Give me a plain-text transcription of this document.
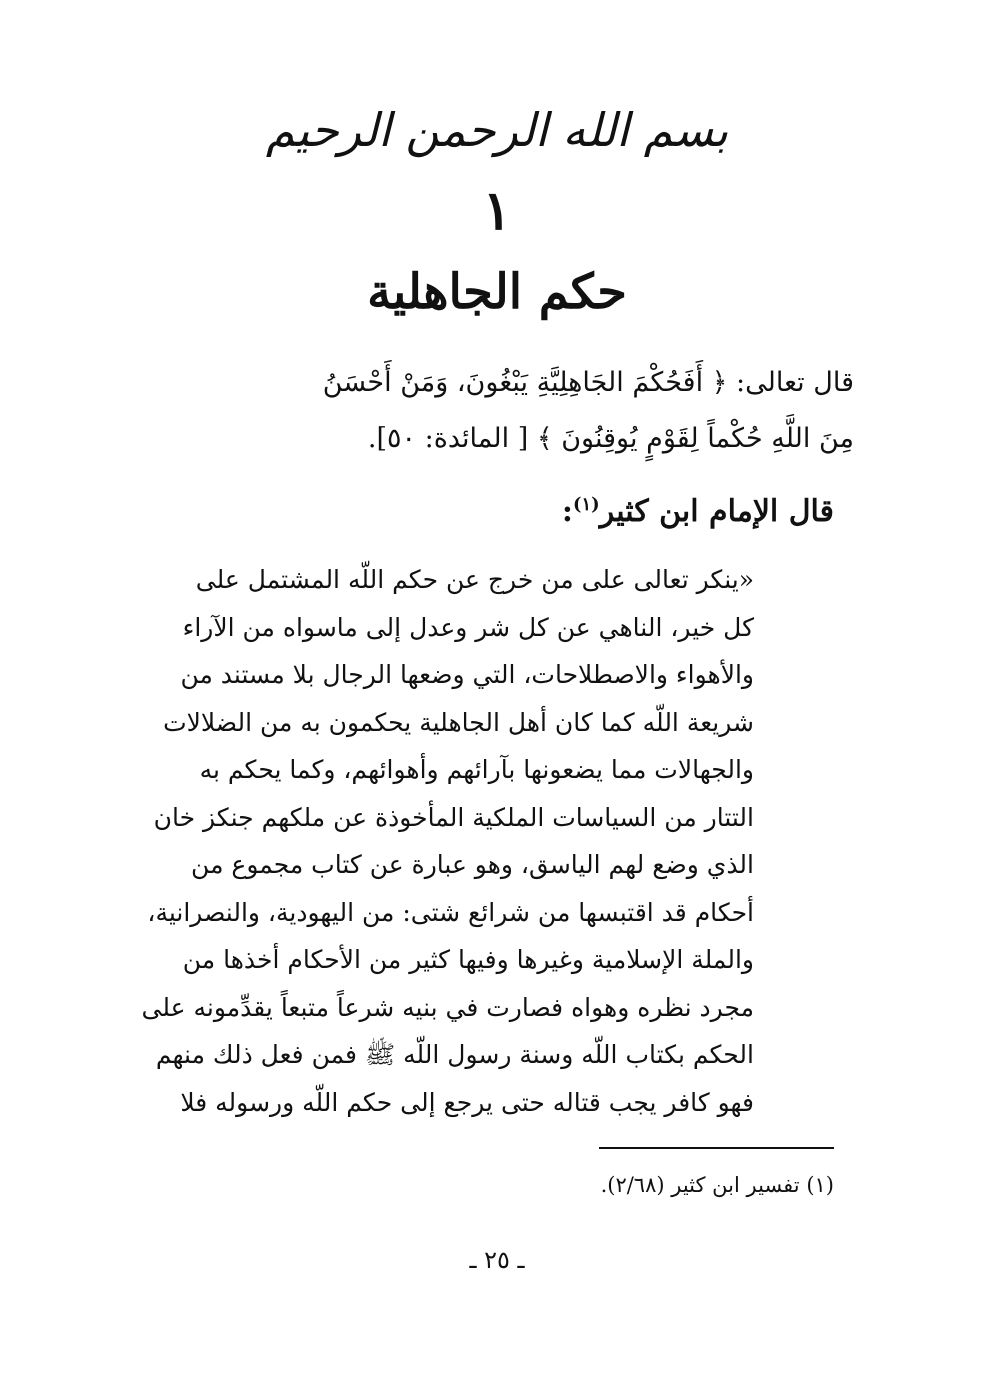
بسم الله الرحمن الرحيم
١
حكم الجاهلية
قال تعالى: ﴿ أَفَحُكْمَ الجَاهِلِيَّةِ يَبْغُونَ، وَمَنْ أَحْسَنُ
مِنَ اللَّهِ حُكْماً لِقَوْمٍ يُوقِنُونَ ﴾ [ المائدة: ٥٠].
قال الإمام ابن كثير$^{(١)}$:
«ينكر تعالى على من خرج عن حكم اللّه المشتمل على
كل خير، الناهي عن كل شر وعدل إلى ماسواه من الآراء
والأهواء والاصطلاحات، التي وضعها الرجال بلا مستند من
شريعة اللّه كما كان أهل الجاهلية يحكمون به من الضلالات
والجهالات مما يضعونها بآرائهم وأهوائهم، وكما يحكم به
التتار من السياسات الملكية المأخوذة عن ملكهم جنكز خان
الذي وضع لهم الياسق، وهو عبارة عن كتاب مجموع من
أحكام قد اقتبسها من شرائع شتى: من اليهودية، والنصرانية،
والملة الإسلامية وغيرها وفيها كثير من الأحكام أخذها من
مجرد نظره وهواه فصارت في بنيه شرعاً متبعاً يقدِّمونه على
الحكم بكتاب اللّه وسنة رسول اللّه ﷺ فمن فعل ذلك منهم
فهو كافر يجب قتاله حتى يرجع إلى حكم اللّه ورسوله فلا
(١) تفسير ابن كثير (٢/٦٨).
ـ ٢٥ ـ
